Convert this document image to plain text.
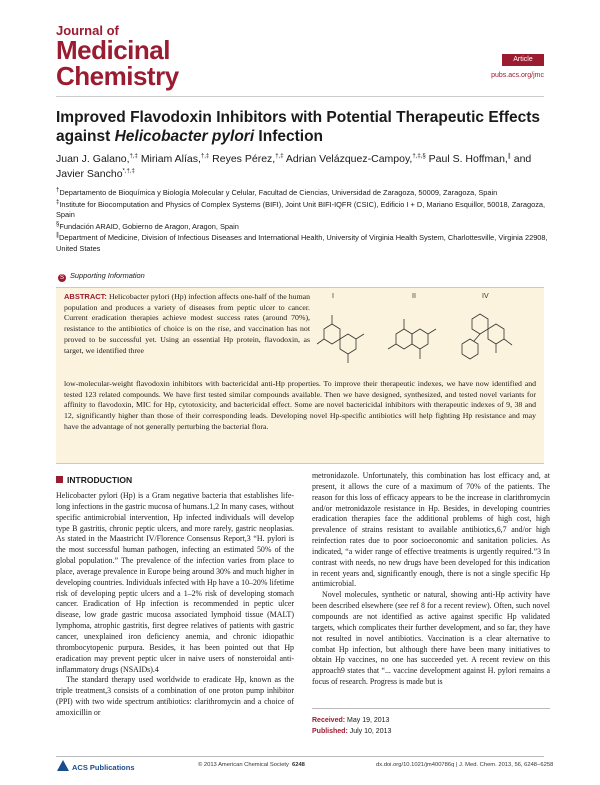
Journal of
Medicinal
Chemistry
Article
pubs.acs.org/jmc
Improved Flavodoxin Inhibitors with Potential Therapeutic Effects against Helicobacter pylori Infection
Juan J. Galano,†,‡ Miriam Alías,†,‡ Reyes Pérez,†,‡ Adrian Velázquez-Campoy,†,‡,§ Paul S. Hoffman,∥ and Javier Sancho*,†,‡

†Departamento de Bioquímica y Biología Molecular y Celular, Facultad de Ciencias, Universidad de Zaragoza, 50009, Zaragoza, Spain

‡Institute for Biocomputation and Physics of Complex Systems (BIFI), Joint Unit BIFI-IQFR (CSIC), Edificio I + D, Mariano Esquillor, 50018, Zaragoza, Spain

§Fundación ARAID, Gobierno de Aragon, Aragon, Spain

∥Department of Medicine, Division of Infectious Diseases and International Health, University of Virginia Health System, Charlottesville, Virginia 22908, United States

S Supporting Information
ABSTRACT: Helicobacter pylori (Hp) infection affects one-half of the human population and produces a variety of diseases from peptic ulcer to cancer. Current eradication therapies achieve modest success rates (around 70%), resistance to the antibiotics of choice is on the rise, and vaccination has not proved to be successful yet. Using an essential Hp protein, flavodoxin, as target, we identified three
I	II	IV
low-molecular-weight flavodoxin inhibitors with bactericidal anti-Hp properties. To improve their therapeutic indexes, we have now identified and tested 123 related compounds. We have first tested similar compounds available. Then we have designed, synthesized, and tested novel variants for affinity to flavodoxin, MIC for Hp, cytotoxicity, and bactericidal effect. Some are novel bactericidal inhibitors with therapeutic indexes of 9, 38 and 12, significantly higher than those of their corresponding leads. Developing novel Hp-specific antibiotics will help fighting Hp resistance and may have the advantage of not generally perturbing the bacterial flora.
INTRODUCTION

Helicobacter pylori (Hp) is a Gram negative bacteria that establishes life-long infections in the gastric mucosa of humans.1,2 In many cases, without specific antimicrobial intervention, Hp infected individuals will develop type B gastritis, chronic peptic ulcers, and more rarely, gastric neoplasias. As stated in the Maastricht IV/Florence Consensus Report,3 “H. pylori is the most successful human pathogen, infecting an estimated 50% of the global population.” The prevalence of the infection varies from place to place, average prevalence in Europe being around 30% and much higher in developing countries. Individuals infected with Hp have a 10–20% lifetime risk of developing peptic ulcers and a 1–2% risk of developing stomach cancer. Eradication of Hp infection is recommended in peptic ulcer disease, low grade gastric mucosa associated lymphoid tissue (MALT) lymphoma, atrophic gastritis, first degree relatives of patients with gastric cancer, unexplained iron deficiency anemia, and chronic idiopathic thrombocytopenic purpura. Besides, it has been pointed out that Hp eradication may prevent peptic ulcer in naive users of nonsteroidal anti-inflammatory drugs (NSAIDs).4

The standard therapy used worldwide to eradicate Hp, known as the triple treatment,3 consists of a combination of one proton pump inhibitor (PPI) with two wide spectrum antibiotics: clarithromycin and a choice of amoxicillin or

metronidazole. Unfortunately, this combination has lost efficacy and, at present, it allows the cure of a maximum of 70% of the patients. The reason for this loss of efficacy appears to be the increase in clarithromycin and/or metronidazole resistance in Hp. Besides, in developing countries eradication therapies face the additional problems of high cost, high prevalence of strains resistant to available antibiotics,6,7 and/or high reinfection rates due to poor socioeconomic and sanitation policies. As indicated, “a wider range of effective treatments is urgently required.”3 In contrast with needs, no new drugs have been developed for this indication in recent years and, significantly enough, there is not a single specific Hp antimicrobial.

Novel molecules, synthetic or natural, showing anti-Hp activity have been described elsewhere (see ref 8 for a recent review). Often, such novel compounds are not identified as active against specific Hp validated targets, which complicates their further development, and so far, they have not resulted in novel antibiotics. Vaccination is a clear alternative to combat Hp infection, but although there have been many initiatives to obtain Hp vaccines, no one has succeeded yet. A recent review on this approach9 states that “... vaccine development against H. pylori remains a focus of research. Progress is made but is

Received: May 19, 2013
Published: July 10, 2013
ACS Publications	© 2013 American Chemical Society 6248	dx.doi.org/10.1021/jm400786q | J. Med. Chem. 2013, 56, 6248−6258
